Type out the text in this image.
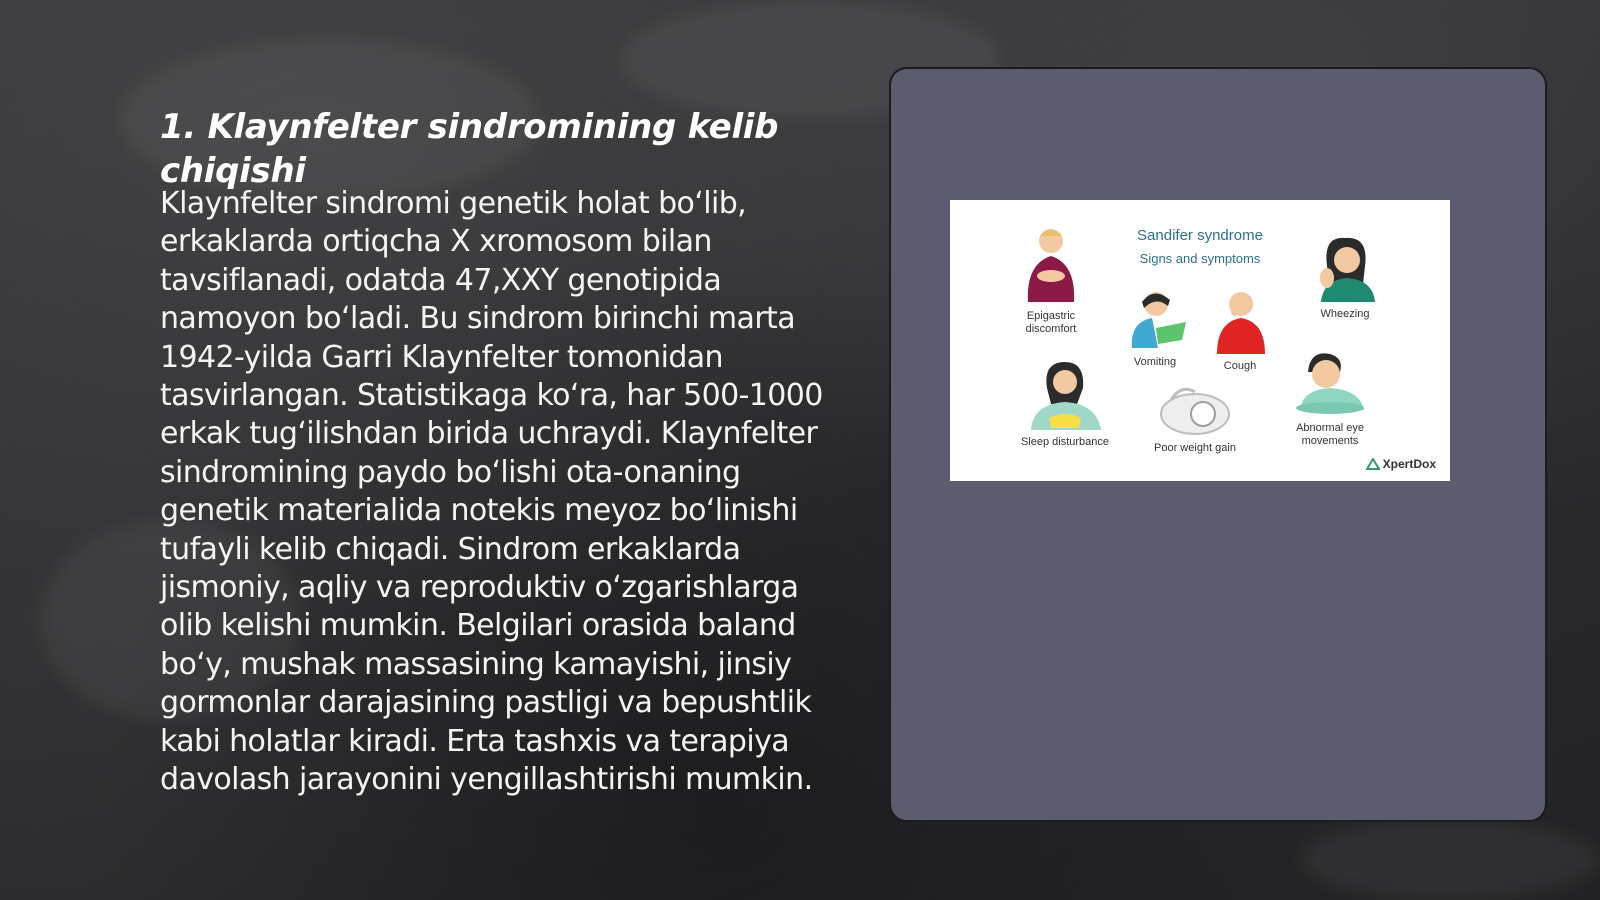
1. Klaynfelter sindromining kelib chiqishi

Klaynfelter sindromi genetik holat bo‘lib, erkaklarda ortiqcha X xromosom bilan tavsiflanadi, odatda 47,XXY genotipida namoyon bo‘ladi. Bu sindrom birinchi marta 1942-yilda Garri Klaynfelter tomonidan tasvirlangan. Statistikaga ko‘ra, har 500-1000 erkak tug‘ilishdan birida uchraydi. Klaynfelter sindromining paydo bo‘lishi ota-onaning genetik materialida notekis meyoz bo‘linishi tufayli kelib chiqadi. Sindrom erkaklarda jismoniy, aqliy va reproduktiv o‘zgarishlarga olib kelishi mumkin. Belgilari orasida baland bo‘y, mushak massasining kamayishi, jinsiy gormonlar darajasining pastligi va bepushtlik kabi holatlar kiradi. Erta tashxis va terapiya davolash jarayonini yengillashtirishi mumkin.

Sandifer syndrome
Signs and symptoms
Epigastric discomfort
Vomiting	Cough
Wheezing
Sleep disturbance	Poor weight gain
Abnormal eye movements
XpertDox
